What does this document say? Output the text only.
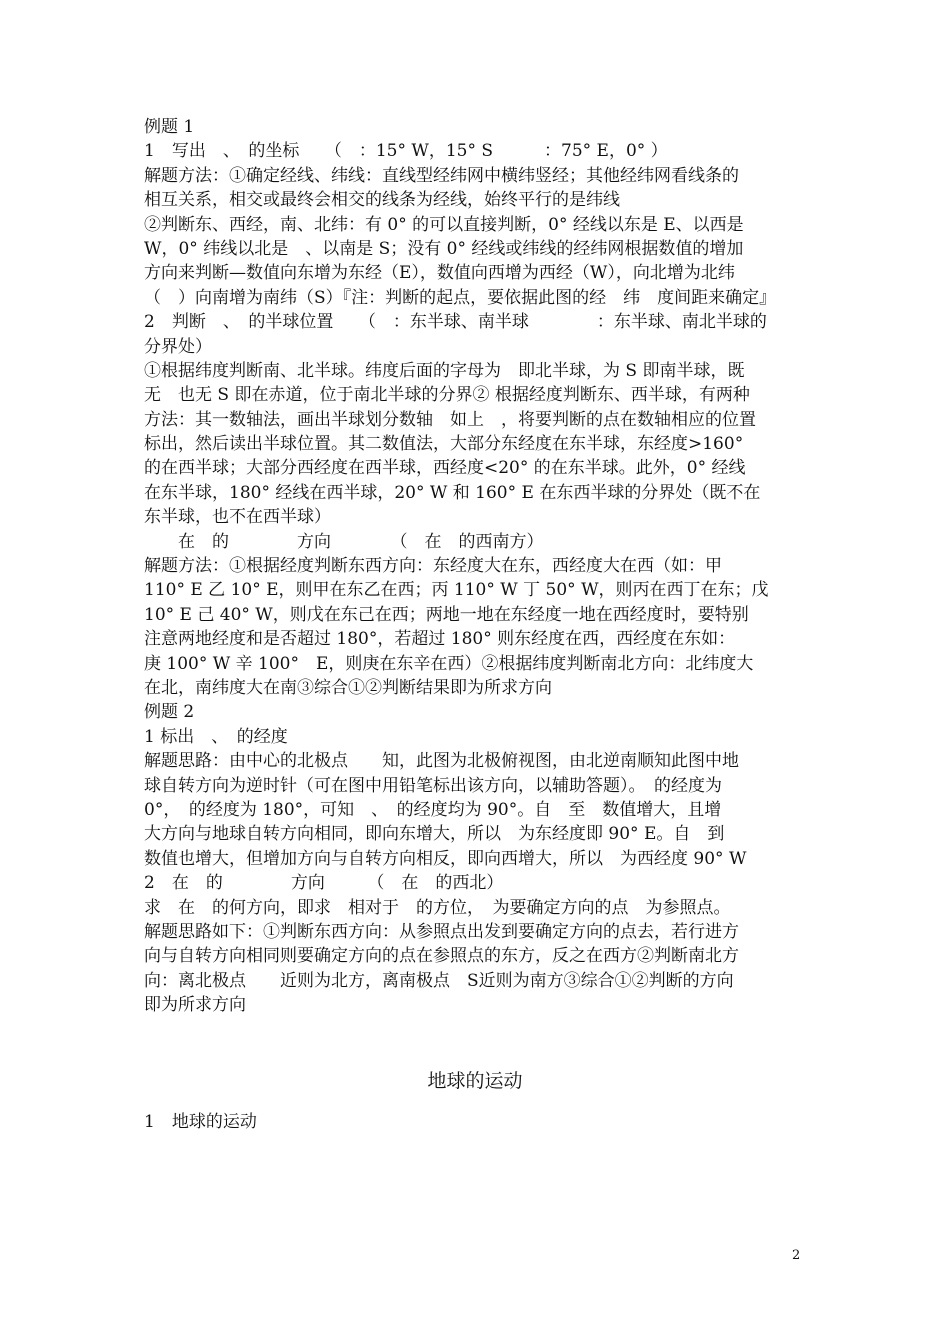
例题 1
1　写出　、　的坐标　　（　：15° W，15° S　　　：75° E，0° ）
解题方法：①确定经线、纬线：直线型经纬网中横纬竖经；其他经纬网看线条的
相互关系，相交或最终会相交的线条为经线，始终平行的是纬线
②判断东、西经，南、北纬：有 0° 的可以直接判断，0° 经线以东是 E、以西是
W，0° 纬线以北是　、以南是 S；没有 0° 经线或纬线的经纬网根据数值的增加
方向来判断—数值向东增为东经（E），数值向西增为西经（W），向北增为北纬
（　）向南增为南纬（S）『注：判断的起点，要依据此图的经　纬　度间距来确定』
2　判断　、　的半球位置　　（　：东半球、南半球　　　　：东半球、南北半球的
分界处）
①根据纬度判断南、北半球。纬度后面的字母为　即北半球，为 S 即南半球，既
无　也无 S 即在赤道，位于南北半球的分界② 根据经度判断东、西半球，有两种
方法：其一数轴法，画出半球划分数轴　如上　，将要判断的点在数轴相应的位置
标出，然后读出半球位置。其二数值法，大部分东经度在东半球，东经度>160°
的在西半球；大部分西经度在西半球，西经度<20° 的在东半球。此外，0° 经线
在东半球，180° 经线在西半球，20° W 和 160° E 在东西半球的分界处（既不在
东半球，也不在西半球）
　　在　的　　　　方向　　　　（　在　的西南方）
解题方法：①根据经度判断东西方向：东经度大在东，西经度大在西（如：甲
110° E 乙 10° E，则甲在东乙在西；丙 110° W 丁 50° W，则丙在西丁在东；戊
10° E 己 40° W，则戊在东己在西；两地一地在东经度一地在西经度时，要特别
注意两地经度和是否超过 180°，若超过 180° 则东经度在西，西经度在东如：
庚 100° W 辛 100°　E，则庚在东辛在西）②根据纬度判断南北方向：北纬度大
在北，南纬度大在南③综合①②判断结果即为所求方向
例题 2
1 标出　、　的经度
解题思路：由中心的北极点　　知，此图为北极俯视图，由北逆南顺知此图中地
球自转方向为逆时针（可在图中用铅笔标出该方向，以辅助答题）。　的经度为
0°，　的经度为 180°，可知　、　的经度均为 90°。自　至　数值增大，且增
大方向与地球自转方向相同，即向东增大，所以　为东经度即 90° E。自　到
数值也增大，但增加方向与自转方向相反，即向西增大，所以　为西经度 90° W
2　在　的　　　　方向　　　（　在　的西北）
求　在　的何方向，即求　相对于　的方位，　为要确定方向的点　为参照点。
解题思路如下：①判断东西方向：从参照点出发到要确定方向的点去，若行进方
向与自转方向相同则要确定方向的点在参照点的东方，反之在西方②判断南北方
向：离北极点　　近则为北方，离南极点　S近则为南方③综合①②判断的方向
即为所求方向
地球的运动
1　地球的运动
2
